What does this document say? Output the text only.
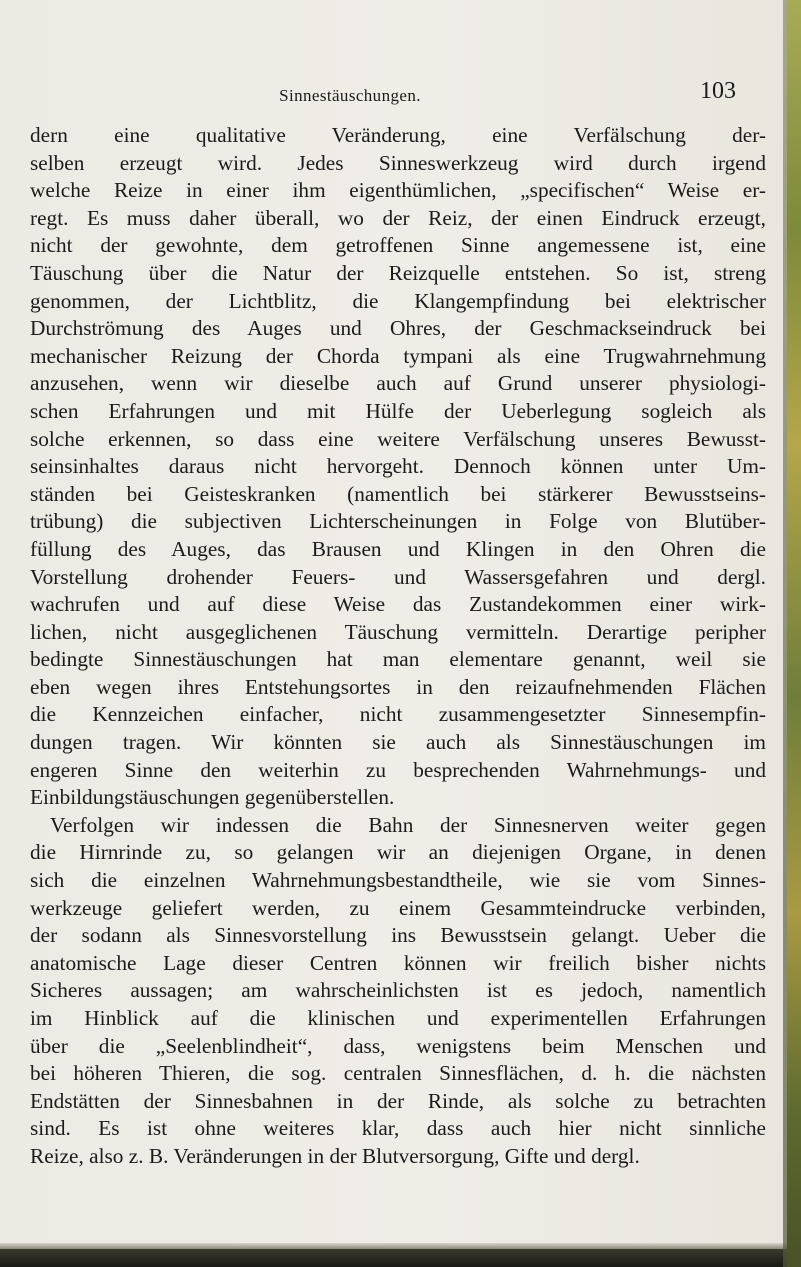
Sinnestäuschungen.	103
dern eine qualitative Veränderung, eine Verfälschung der-
selben erzeugt wird. Jedes Sinneswerkzeug wird durch irgend
welche Reize in einer ihm eigenthümlichen, „specifischen“ Weise er-
regt. Es muss daher überall, wo der Reiz, der einen Eindruck erzeugt,
nicht der gewohnte, dem getroffenen Sinne angemessene ist, eine
Täuschung über die Natur der Reizquelle entstehen. So ist, streng
genommen, der Lichtblitz, die Klangempfindung bei elektrischer
Durchströmung des Auges und Ohres, der Geschmackseindruck bei
mechanischer Reizung der Chorda tympani als eine Trugwahrnehmung
anzusehen, wenn wir dieselbe auch auf Grund unserer physiologi-
schen Erfahrungen und mit Hülfe der Ueberlegung sogleich als
solche erkennen, so dass eine weitere Verfälschung unseres Bewusst-
seinsinhaltes daraus nicht hervorgeht. Dennoch können unter Um-
ständen bei Geisteskranken (namentlich bei stärkerer Bewusstseins-
trübung) die subjectiven Lichterscheinungen in Folge von Blutüber-
füllung des Auges, das Brausen und Klingen in den Ohren die
Vorstellung drohender Feuers- und Wassersgefahren und dergl.
wachrufen und auf diese Weise das Zustandekommen einer wirk-
lichen, nicht ausgeglichenen Täuschung vermitteln. Derartige peripher
bedingte Sinnestäuschungen hat man elementare genannt, weil sie
eben wegen ihres Entstehungsortes in den reizaufnehmenden Flächen
die Kennzeichen einfacher, nicht zusammengesetzter Sinnesempfin-
dungen tragen. Wir könnten sie auch als Sinnestäuschungen im
engeren Sinne den weiterhin zu besprechenden Wahrnehmungs- und
Einbildungstäuschungen gegenüberstellen.
Verfolgen wir indessen die Bahn der Sinnesnerven weiter gegen
die Hirnrinde zu, so gelangen wir an diejenigen Organe, in denen
sich die einzelnen Wahrnehmungsbestandtheile, wie sie vom Sinnes-
werkzeuge geliefert werden, zu einem Gesammteindrucke verbinden,
der sodann als Sinnesvorstellung ins Bewusstsein gelangt. Ueber die
anatomische Lage dieser Centren können wir freilich bisher nichts
Sicheres aussagen; am wahrscheinlichsten ist es jedoch, namentlich
im Hinblick auf die klinischen und experimentellen Erfahrungen
über die „Seelenblindheit“, dass, wenigstens beim Menschen und
bei höheren Thieren, die sog. centralen Sinnesflächen, d. h. die nächsten
Endstätten der Sinnesbahnen in der Rinde, als solche zu betrachten
sind. Es ist ohne weiteres klar, dass auch hier nicht sinnliche
Reize, also z. B. Veränderungen in der Blutversorgung, Gifte und dergl.
